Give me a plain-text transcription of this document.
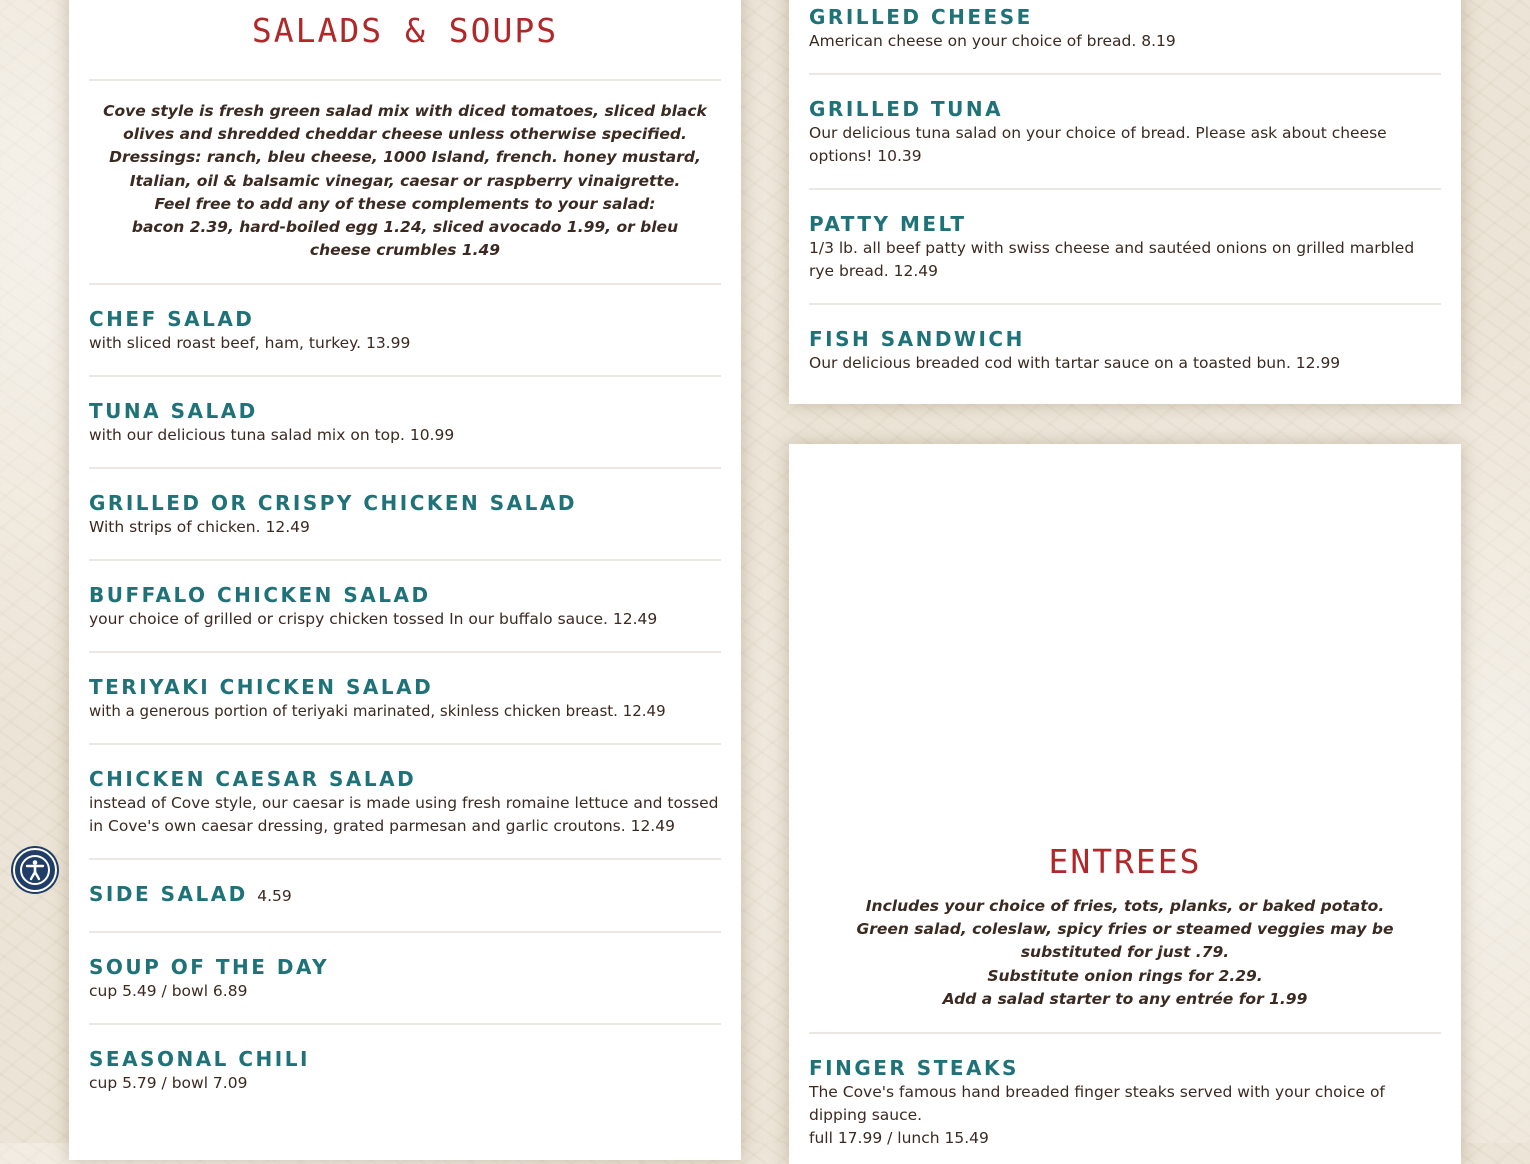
SALADS & SOUPS
Cove style is fresh green salad mix with diced tomatoes, sliced black olives and shredded cheddar cheese unless otherwise specified.
Dressings: ranch, bleu cheese, 1000 Island, french. honey mustard, Italian, oil & balsamic vinegar, caesar or raspberry vinaigrette.
Feel free to add any of these complements to your salad:
bacon 2.39, hard-boiled egg 1.24, sliced avocado 1.99, or bleu cheese crumbles 1.49
CHEF SALAD

with sliced roast beef, ham, turkey. 13.99

TUNA SALAD

with our delicious tuna salad mix on top. 10.99

GRILLED OR CRISPY CHICKEN SALAD

With strips of chicken. 12.49

BUFFALO CHICKEN SALAD

your choice of grilled or crispy chicken tossed In our buffalo sauce. 12.49

TERIYAKI CHICKEN SALAD

with a generous portion of teriyaki marinated, skinless chicken breast. 12.49

CHICKEN CAESAR SALAD

instead of Cove style, our caesar is made using fresh romaine lettuce and tossed in Cove's own caesar dressing, grated parmesan and garlic croutons. 12.49

SIDE SALAD 4.59
SOUP OF THE DAY

cup 5.49 / bowl 6.89

SEASONAL CHILI

cup 5.79 / bowl 7.09

GRILLED CHEESE

American cheese on your choice of bread. 8.19

GRILLED TUNA

Our delicious tuna salad on your choice of bread. Please ask about cheese options! 10.39

PATTY MELT

1/3 lb. all beef patty with swiss cheese and sautéed onions on grilled marbled rye bread. 12.49

FISH SANDWICH

Our delicious breaded cod with tartar sauce on a toasted bun. 12.99

ENTREES
Includes your choice of fries, tots, planks, or baked potato.
Green salad, coleslaw, spicy fries or steamed veggies may be substituted for just .79.
Substitute onion rings for 2.29.
Add a salad starter to any entrée for 1.99
FINGER STEAKS

The Cove's famous hand breaded finger steaks served with your choice of dipping sauce.

full 17.99 / lunch 15.49
